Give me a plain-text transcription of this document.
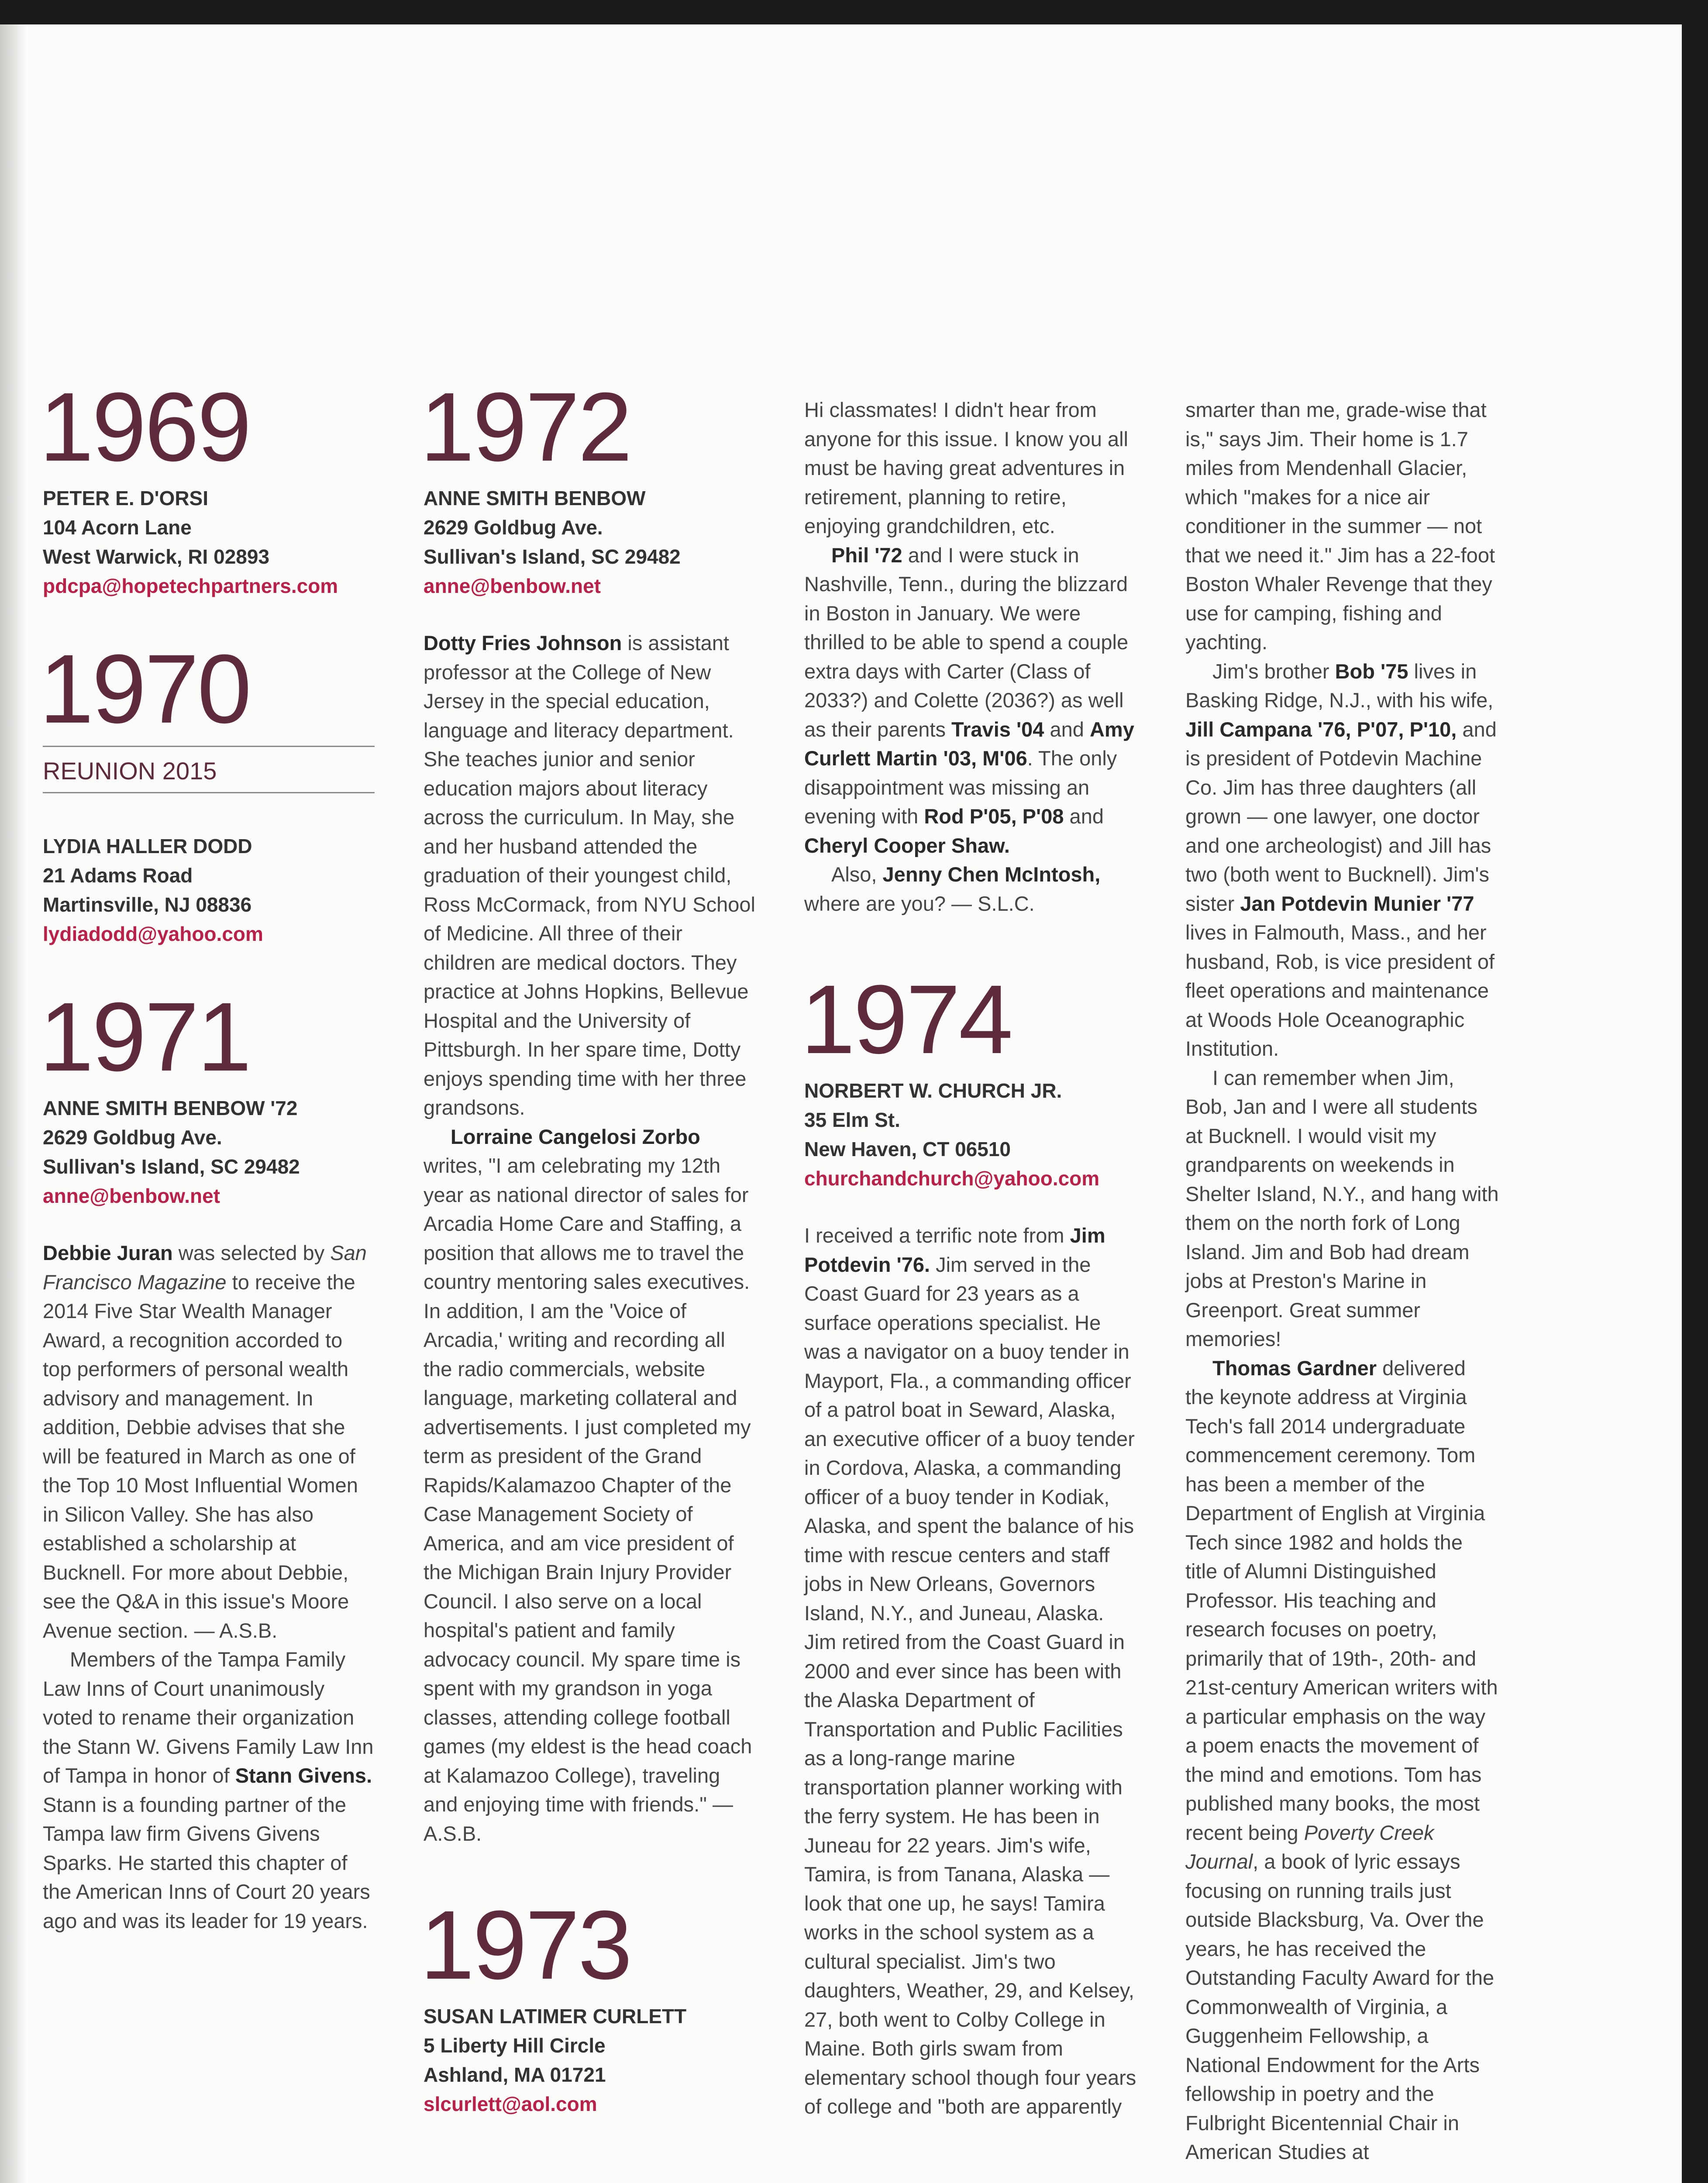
1969
PETER E. D'ORSI
104 Acorn Lane
West Warwick, RI 02893
pdcpa@hopetechpartners.com
1970
REUNION 2015
LYDIA HALLER DODD
21 Adams Road
Martinsville, NJ 08836
lydiadodd@yahoo.com
1971
ANNE SMITH BENBOW '72
2629 Goldbug Ave.
Sullivan's Island, SC 29482
anne@benbow.net

Debbie Juran was selected by San Francisco Magazine to receive the 2014 Five Star Wealth Manager Award, a recognition accorded to top performers of personal wealth advisory and management. In addition, Debbie advises that she will be featured in March as one of the Top 10 Most Influential Women in Silicon Valley. She has also established a scholarship at Bucknell. For more about Debbie, see the Q&A in this issue's Moore Avenue section. — A.S.B.

Members of the Tampa Family Law Inns of Court unanimously voted to rename their organization the Stann W. Givens Family Law Inn of Tampa in honor of Stann Givens. Stann is a founding partner of the Tampa law firm Givens Givens Sparks. He started this chapter of the American Inns of Court 20 years ago and was its leader for 19 years.

1972
ANNE SMITH BENBOW
2629 Goldbug Ave.
Sullivan's Island, SC 29482
anne@benbow.net

Dotty Fries Johnson is assistant professor at the College of New Jersey in the special education, language and literacy department. She teaches junior and senior education majors about literacy across the curriculum. In May, she and her husband attended the graduation of their youngest child, Ross McCormack, from NYU School of Medicine. All three of their children are medical doctors. They practice at Johns Hopkins, Bellevue Hospital and the University of Pittsburgh. In her spare time, Dotty enjoys spending time with her three grandsons.

Lorraine Cangelosi Zorbo writes, "I am celebrating my 12th year as national director of sales for Arcadia Home Care and Staffing, a position that allows me to travel the country mentoring sales executives. In addition, I am the 'Voice of Arcadia,' writing and recording all the radio commercials, website language, marketing collateral and advertisements. I just completed my term as president of the Grand Rapids/Kalamazoo Chapter of the Case Management Society of America, and am vice president of the Michigan Brain Injury Provider Council. I also serve on a local hospital's patient and family advocacy council. My spare time is spent with my grandson in yoga classes, attending college football games (my eldest is the head coach at Kalamazoo College), traveling and enjoying time with friends." — A.S.B.

1973
SUSAN LATIMER CURLETT
5 Liberty Hill Circle
Ashland, MA 01721
slcurlett@aol.com

Hi classmates! I didn't hear from anyone for this issue. I know you all must be having great adventures in retirement, planning to retire, enjoying grandchildren, etc.

Phil '72 and I were stuck in Nashville, Tenn., during the blizzard in Boston in January. We were thrilled to be able to spend a couple extra days with Carter (Class of 2033?) and Colette (2036?) as well as their parents Travis '04 and Amy Curlett Martin '03, M'06. The only disappointment was missing an evening with Rod P'05, P'08 and Cheryl Cooper Shaw.

Also, Jenny Chen McIntosh, where are you? — S.L.C.

1974
NORBERT W. CHURCH JR.
35 Elm St.
New Haven, CT 06510
churchandchurch@yahoo.com

I received a terrific note from Jim Potdevin '76. Jim served in the Coast Guard for 23 years as a surface operations specialist. He was a navigator on a buoy tender in Mayport, Fla., a commanding officer of a patrol boat in Seward, Alaska, an executive officer of a buoy tender in Cordova, Alaska, a commanding officer of a buoy tender in Kodiak, Alaska, and spent the balance of his time with rescue centers and staff jobs in New Orleans, Governors Island, N.Y., and Juneau, Alaska. Jim retired from the Coast Guard in 2000 and ever since has been with the Alaska Department of Transportation and Public Facilities as a long-range marine transportation planner working with the ferry system. He has been in Juneau for 22 years. Jim's wife, Tamira, is from Tanana, Alaska — look that one up, he says! Tamira works in the school system as a cultural specialist. Jim's two daughters, Weather, 29, and Kelsey, 27, both went to Colby College in Maine. Both girls swam from elementary school though four years of college and "both are apparently

smarter than me, grade-wise that is," says Jim. Their home is 1.7 miles from Mendenhall Glacier, which "makes for a nice air conditioner in the summer — not that we need it." Jim has a 22-foot Boston Whaler Revenge that they use for camping, fishing and yachting.

Jim's brother Bob '75 lives in Basking Ridge, N.J., with his wife, Jill Campana '76, P'07, P'10, and is president of Potdevin Machine Co. Jim has three daughters (all grown — one lawyer, one doctor and one archeologist) and Jill has two (both went to Bucknell). Jim's sister Jan Potdevin Munier '77 lives in Falmouth, Mass., and her husband, Rob, is vice president of fleet operations and maintenance at Woods Hole Oceanographic Institution.

I can remember when Jim, Bob, Jan and I were all students at Bucknell. I would visit my grandparents on weekends in Shelter Island, N.Y., and hang with them on the north fork of Long Island. Jim and Bob had dream jobs at Preston's Marine in Greenport. Great summer memories!

Thomas Gardner delivered the keynote address at Virginia Tech's fall 2014 undergraduate commencement ceremony. Tom has been a member of the Department of English at Virginia Tech since 1982 and holds the title of Alumni Distinguished Professor. His teaching and research focuses on poetry, primarily that of 19th-, 20th- and 21st-century American writers with a particular emphasis on the way a poem enacts the movement of the mind and emotions. Tom has published many books, the most recent being Poverty Creek Journal, a book of lyric essays focusing on running trails just outside Blacksburg, Va. Over the years, he has received the Outstanding Faculty Award for the Commonwealth of Virginia, a Guggenheim Fellowship, a National Endowment for the Arts fellowship in poetry and the Fulbright Bicentennial Chair in American Studies at
